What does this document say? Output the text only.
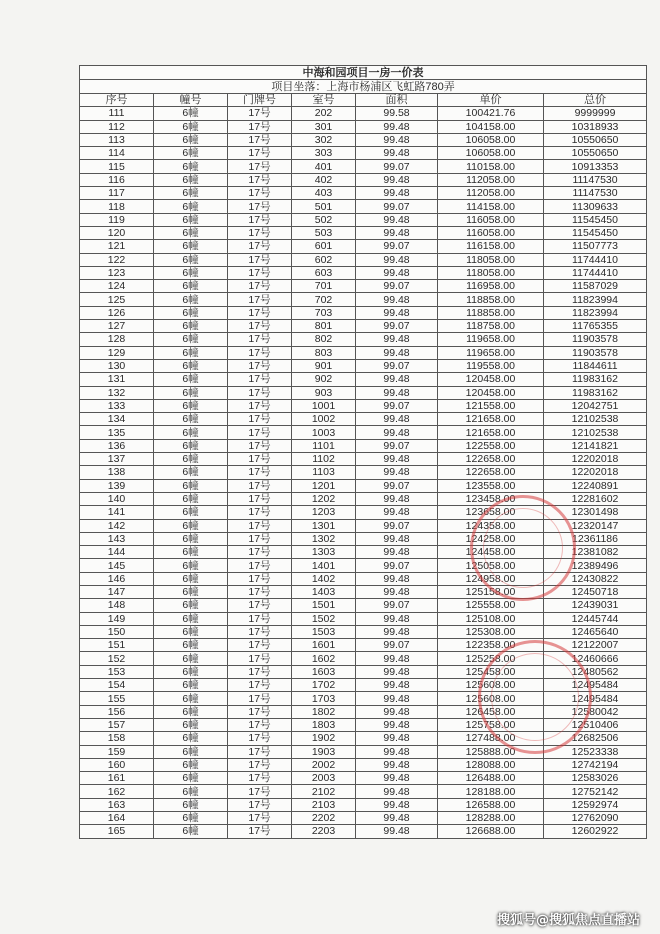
中海和园项目一房一价表						
项目坐落：上海市杨浦区飞虹路780弄						
序号	幢号	门牌号	室号	面积	单价	总价
111	6幢	17号	202	99.58	100421.76	9999999
112	6幢	17号	301	99.48	104158.00	10318933
113	6幢	17号	302	99.48	106058.00	10550650
114	6幢	17号	303	99.48	106058.00	10550650
115	6幢	17号	401	99.07	110158.00	10913353
116	6幢	17号	402	99.48	112058.00	11147530
117	6幢	17号	403	99.48	112058.00	11147530
118	6幢	17号	501	99.07	114158.00	11309633
119	6幢	17号	502	99.48	116058.00	11545450
120	6幢	17号	503	99.48	116058.00	11545450
121	6幢	17号	601	99.07	116158.00	11507773
122	6幢	17号	602	99.48	118058.00	11744410
123	6幢	17号	603	99.48	118058.00	11744410
124	6幢	17号	701	99.07	116958.00	11587029
125	6幢	17号	702	99.48	118858.00	11823994
126	6幢	17号	703	99.48	118858.00	11823994
127	6幢	17号	801	99.07	118758.00	11765355
128	6幢	17号	802	99.48	119658.00	11903578
129	6幢	17号	803	99.48	119658.00	11903578
130	6幢	17号	901	99.07	119558.00	11844611
131	6幢	17号	902	99.48	120458.00	11983162
132	6幢	17号	903	99.48	120458.00	11983162
133	6幢	17号	1001	99.07	121558.00	12042751
134	6幢	17号	1002	99.48	121658.00	12102538
135	6幢	17号	1003	99.48	121658.00	12102538
136	6幢	17号	1101	99.07	122558.00	12141821
137	6幢	17号	1102	99.48	122658.00	12202018
138	6幢	17号	1103	99.48	122658.00	12202018
139	6幢	17号	1201	99.07	123558.00	12240891
140	6幢	17号	1202	99.48	123458.00	12281602
141	6幢	17号	1203	99.48	123658.00	12301498
142	6幢	17号	1301	99.07	124358.00	12320147
143	6幢	17号	1302	99.48	124258.00	12361186
144	6幢	17号	1303	99.48	124458.00	12381082
145	6幢	17号	1401	99.07	125058.00	12389496
146	6幢	17号	1402	99.48	124958.00	12430822
147	6幢	17号	1403	99.48	125158.00	12450718
148	6幢	17号	1501	99.07	125558.00	12439031
149	6幢	17号	1502	99.48	125108.00	12445744
150	6幢	17号	1503	99.48	125308.00	12465640
151	6幢	17号	1601	99.07	122358.00	12122007
152	6幢	17号	1602	99.48	125258.00	12460666
153	6幢	17号	1603	99.48	125458.00	12480562
154	6幢	17号	1702	99.48	125608.00	12495484
155	6幢	17号	1703	99.48	125608.00	12495484
156	6幢	17号	1802	99.48	126458.00	12580042
157	6幢	17号	1803	99.48	125758.00	12510406
158	6幢	17号	1902	99.48	127488.00	12682506
159	6幢	17号	1903	99.48	125888.00	12523338
160	6幢	17号	2002	99.48	128088.00	12742194
161	6幢	17号	2003	99.48	126488.00	12583026
162	6幢	17号	2102	99.48	128188.00	12752142
163	6幢	17号	2103	99.48	126588.00	12592974
164	6幢	17号	2202	99.48	128288.00	12762090
165	6幢	17号	2203	99.48	126688.00	12602922
搜狐号@搜狐焦点直播站
